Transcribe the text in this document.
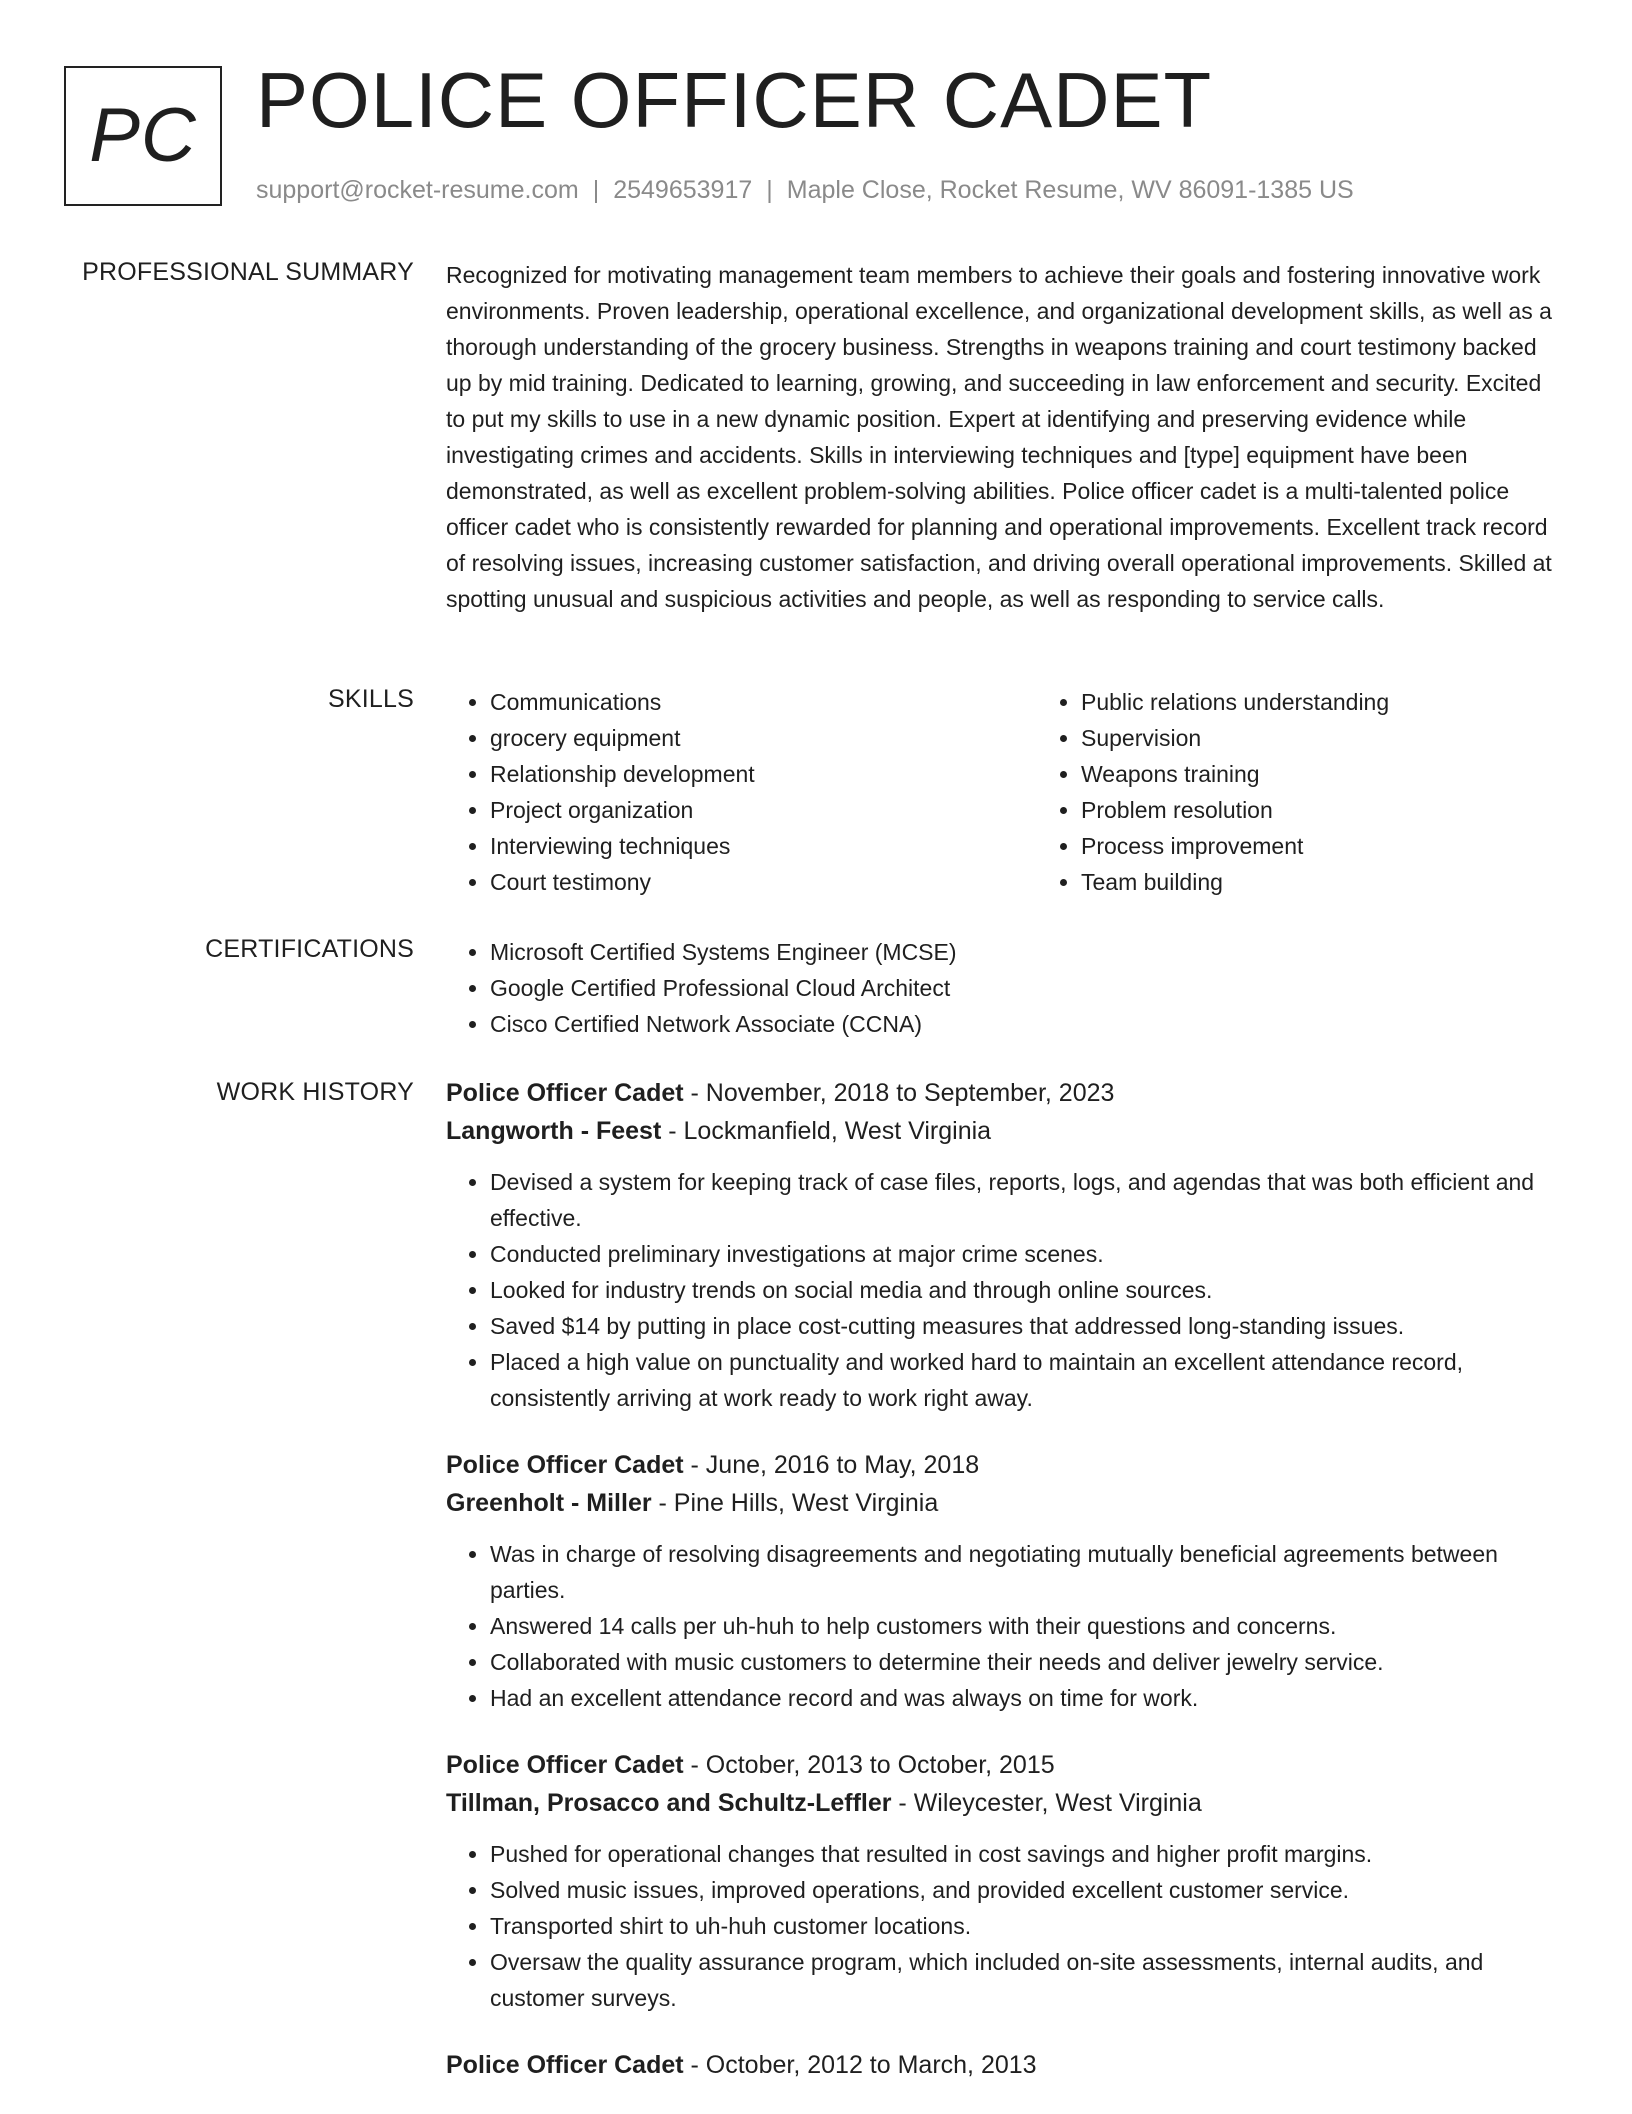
PC POLICE OFFICER CADET
support@rocket-resume.com | 2549653917 | Maple Close, Rocket Resume, WV 86091-1385 US
PROFESSIONAL SUMMARY Recognized for motivating management team members to achieve their goals and fostering innovative work environments. Proven leadership, operational excellence, and organizational development skills, as well as a thorough understanding of the grocery business. Strengths in weapons training and court testimony backed up by mid training. Dedicated to learning, growing, and succeeding in law enforcement and security. Excited to put my skills to use in a new dynamic position. Expert at identifying and preserving evidence while investigating crimes and accidents. Skills in interviewing techniques and [type] equipment have been demonstrated, as well as excellent problem-solving abilities. Police officer cadet is a multi-talented police officer cadet who is consistently rewarded for planning and operational improvements. Excellent track record of resolving issues, increasing customer satisfaction, and driving overall operational improvements. Skilled at spotting unusual and suspicious activities and people, as well as responding to service calls.

SKILLS	• Communications
• grocery equipment
• Relationship development
• Project organization
• Interviewing techniques
• Court testimony
• Public relations understanding
• Supervision
• Weapons training
• Problem resolution
• Process improvement
• Team building
CERTIFICATIONS	• Microsoft Certified Systems Engineer (MCSE)
• Google Certified Professional Cloud Architect
• Cisco Certified Network Associate (CCNA)
WORK HISTORY Police Officer Cadet - November, 2018 to September, 2023
Langworth - Feest - Lockmanfield, West Virginia
• Devised a system for keeping track of case files, reports, logs, and agendas that was both efficient and effective.
• Conducted preliminary investigations at major crime scenes.
• Looked for industry trends on social media and through online sources.
• Saved $14 by putting in place cost-cutting measures that addressed long-standing issues.
• Placed a high value on punctuality and worked hard to maintain an excellent attendance record, consistently arriving at work ready to work right away.
Police Officer Cadet - June, 2016 to May, 2018
Greenholt - Miller - Pine Hills, West Virginia
• Was in charge of resolving disagreements and negotiating mutually beneficial agreements between parties.
• Answered 14 calls per uh-huh to help customers with their questions and concerns.
• Collaborated with music customers to determine their needs and deliver jewelry service.
• Had an excellent attendance record and was always on time for work.
Police Officer Cadet - October, 2013 to October, 2015
Tillman, Prosacco and Schultz-Leffler - Wileycester, West Virginia
• Pushed for operational changes that resulted in cost savings and higher profit margins.
• Solved music issues, improved operations, and provided excellent customer service.
• Transported shirt to uh-huh customer locations.
• Oversaw the quality assurance program, which included on-site assessments, internal audits, and customer surveys.
Police Officer Cadet - October, 2012 to March, 2013
